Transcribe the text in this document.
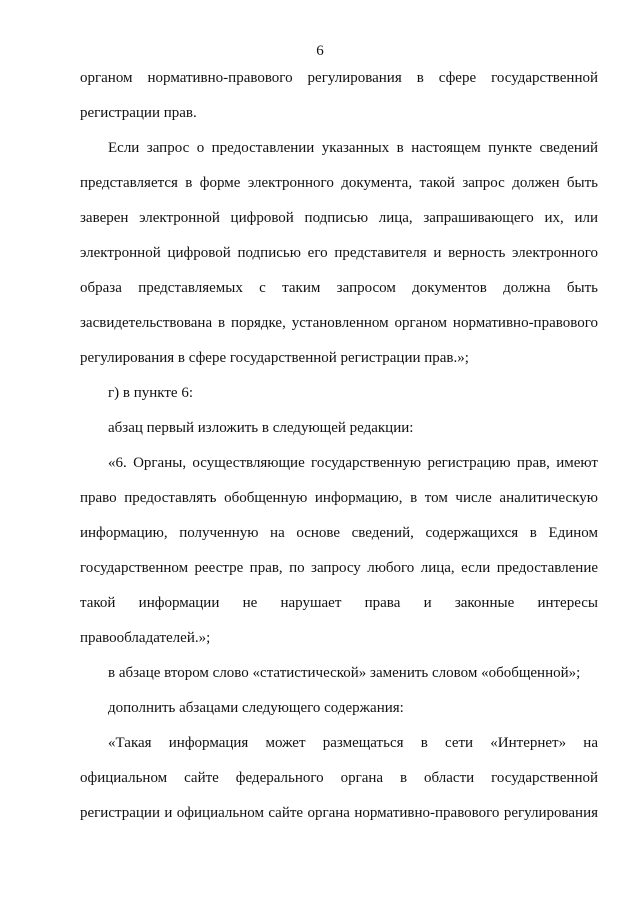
6
органом нормативно-правового регулирования в сфере государственной
регистрации прав.
Если запрос о предоставлении указанных в настоящем пункте сведений
представляется в форме электронного документа, такой запрос должен быть
заверен электронной цифровой подписью лица, запрашивающего их, или
электронной цифровой подписью его представителя и верность электронного
образа представляемых с таким запросом документов должна быть
засвидетельствована в порядке, установленном органом нормативно-правового
регулирования в сфере государственной регистрации прав.»;
г) в пункте 6:
абзац первый изложить в следующей редакции:
«6. Органы, осуществляющие государственную регистрацию прав, имеют
право предоставлять обобщенную информацию, в том числе аналитическую
информацию, полученную на основе сведений, содержащихся в Едином
государственном реестре прав, по запросу любого лица, если предоставление
такой информации не нарушает права и законные интересы
правообладателей.»;
в абзаце втором слово «статистической» заменить словом «обобщенной»;
дополнить абзацами следующего содержания:
«Такая информация может размещаться в сети «Интернет» на
официальном сайте федерального органа в области государственной
регистрации и официальном сайте органа нормативно-правового регулирования
